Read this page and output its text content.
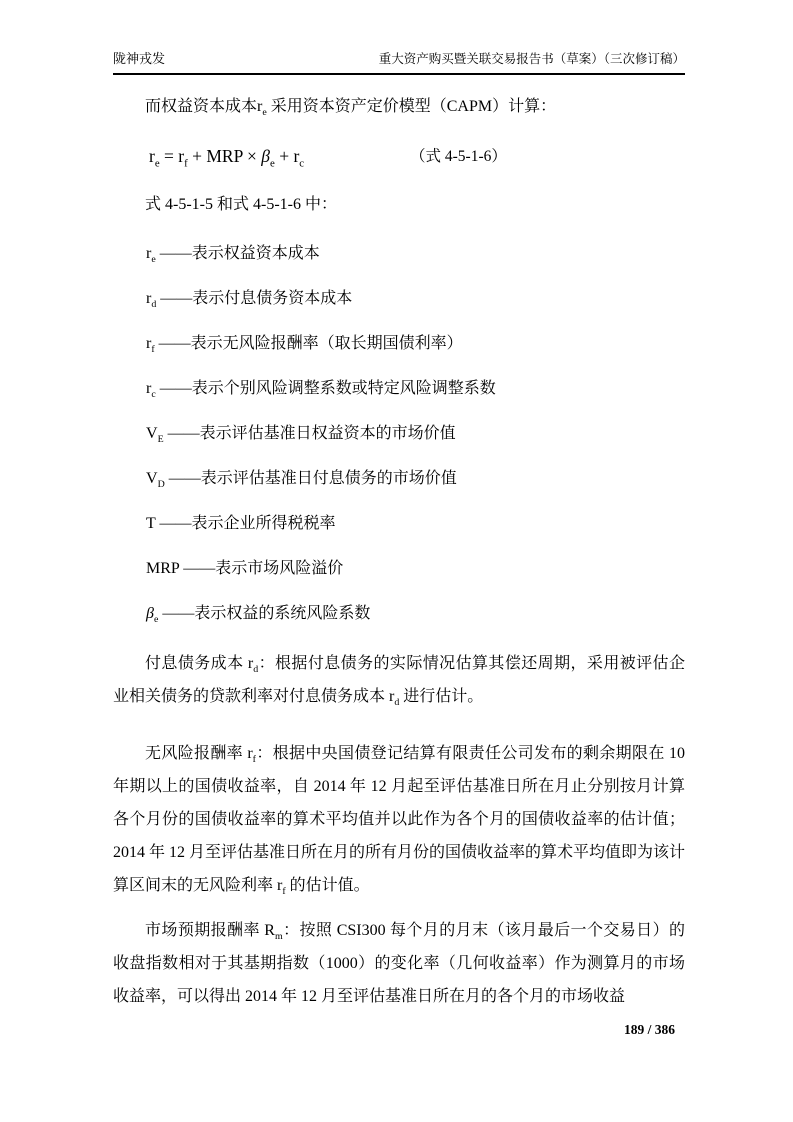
陇神戎发	重大资产购买暨关联交易报告书（草案）（三次修订稿）

而权益资本成本$r_e$ 采用资本资产定价模型（CAPM）计算：

$r_e = r_f$ + MRP × $\beta_e + r_c$	（式 4-5-1-6）

式 4-5-1-5 和式 4-5-1-6 中：

$r_e$ ——表示权益资本成本
$r_d$ ——表示付息债务资本成本
$r_f$ ——表示无风险报酬率（取长期国债利率）
$r_c$ ——表示个别风险调整系数或特定风险调整系数
$V_E$ ——表示评估基准日权益资本的市场价值
$V_D$ ——表示评估基准日付息债务的市场价值
T ——表示企业所得税税率
MRP ——表示市场风险溢价
$\beta_e$ ——表示权益的系统风险系数

付息债务成本 $r_d$：根据付息债务的实际情况估算其偿还周期，采用被评估企业相关债务的贷款利率对付息债务成本 $r_d$ 进行估计。

无风险报酬率 $r_f$：根据中央国债登记结算有限责任公司发布的剩余期限在 10 年期以上的国债收益率，自 2014 年 12 月起至评估基准日所在月止分别按月计算各个月份的国债收益率的算术平均值并以此作为各个月的国债收益率的估计值；2014 年 12 月至评估基准日所在月的所有月份的国债收益率的算术平均值即为该计算区间末的无风险利率 $r_f$ 的估计值。

市场预期报酬率 $R_m$：按照 CSI300 每个月的月末（该月最后一个交易日）的收盘指数相对于其基期指数（1000）的变化率（几何收益率）作为测算月的市场收益率，可以得出 2014 年 12 月至评估基准日所在月的各个月的市场收益

189 / 386
